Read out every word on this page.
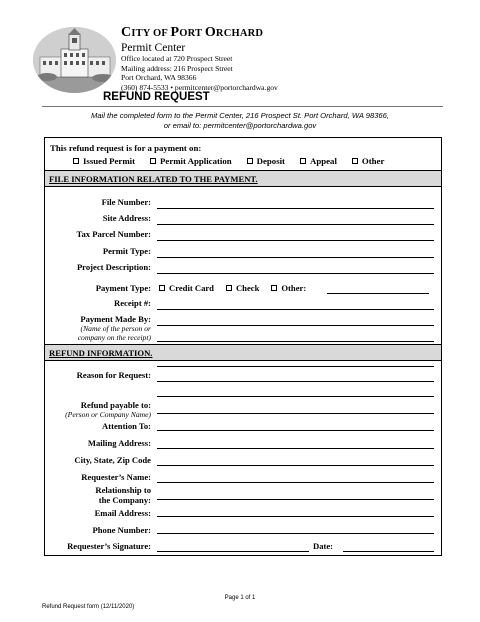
CITY OF PORT ORCHARD
Permit Center
Office located at 720 Prospect Street
Mailing address: 216 Prospect Street
Port Orchard, WA 98366
(360) 874-5533 • permitcenter@portorchardwa.gov
REFUND REQUEST
Mail the completed form to the Permit Center, 216 Prospect St. Port Orchard, WA 98366,
or email to: permitcenter@portorchardwa.gov
This refund request is for a payment on:
Issued Permit	Permit Application	Deposit	Appeal	Other
FILE INFORMATION RELATED TO THE PAYMENT.
File Number:
Site Address:
Tax Parcel Number:
Permit Type:
Project Description:
Payment Type: Credit Card	Check	Other:
Receipt #:
Payment Made By:
(Name of the person or
company on the receipt)
REFUND INFORMATION.
Reason for Request:
Refund payable to:
(Person or Company Name)
Attention To:
Mailing Address:
City, State, Zip Code
Requester’s Name:
Relationship to
the Company:
Email Address:
Phone Number:
Requester’s Signature:	Date:
Page 1 of 1
Refund Request form (12/11/2020)
